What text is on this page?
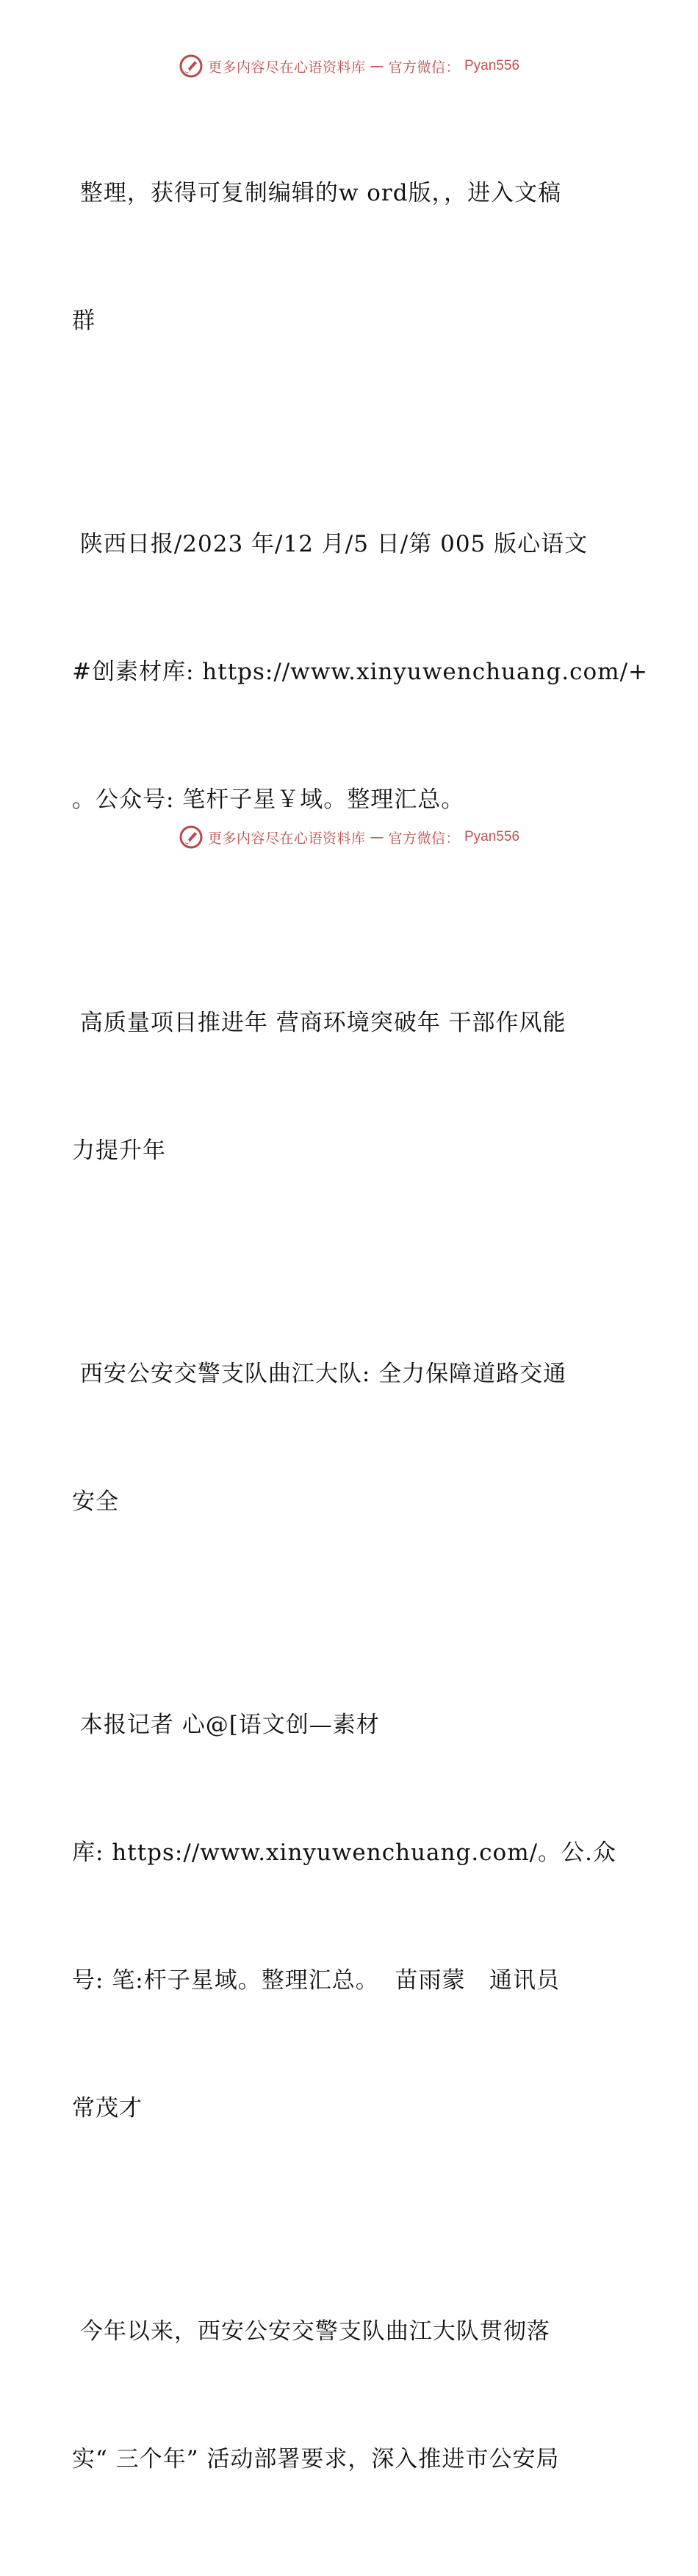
更多内容尽在心语资料库 — 官方微信： Pyan556

整理，获得可复制编辑的w ord版，，进入文稿

群

陕西日报/2023 年/12 月/5 日/第 005 版心语文

#创素材库: https://www.xinyuwenchuang.com/+

。公众号: 笔杆子星￥域。整理汇总。

高质量项目推进年 营商环境突破年 干部作风能

力提升年

西安公安交警支队曲江大队: 全力保障道路交通

安全

本报记者 心@[语文创—素材

库: https://www.xinyuwenchuang.com/。公.众

号: 笔:杆子星域。整理汇总。  苗雨蒙   通讯员

常茂才

今年以来，西安公安交警支队曲江大队贯彻落

实“ 三个年” 活动部署要求，深入推进市公安局

更多内容尽在心语资料库 — 官方微信： Pyan556
